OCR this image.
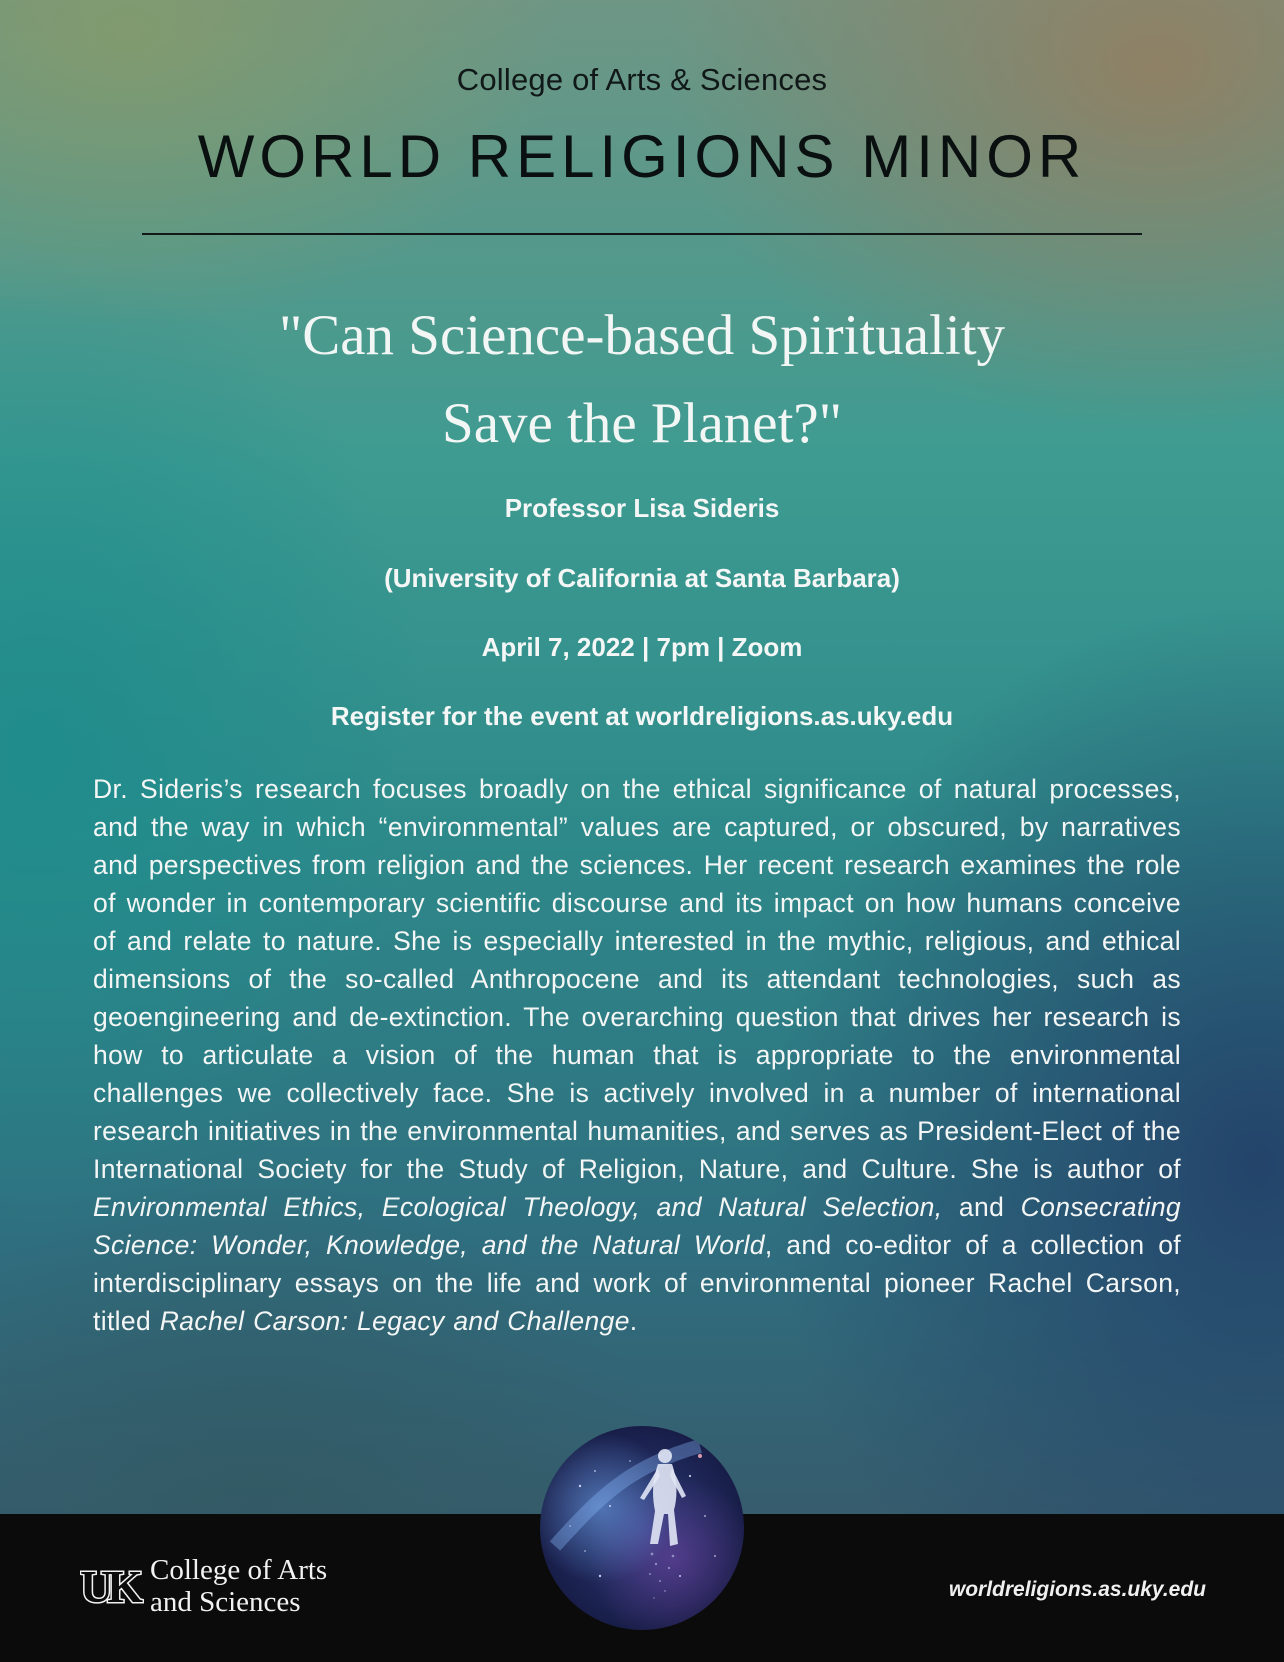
College of Arts & Sciences
WORLD RELIGIONS MINOR
"Can Science-based Spirituality
Save the Planet?"
Professor Lisa Sideris
(University of California at Santa Barbara)
April 7, 2022 | 7pm | Zoom
Register for the event at worldreligions.as.uky.edu

Dr. Sideris’s research focuses broadly on the ethical significance of natural processes, and the way in which “environmental” values are captured, or obscured, by narratives and perspectives from religion and the sciences. Her recent research examines the role of wonder in contemporary scientific discourse and its impact on how humans conceive of and relate to nature. She is especially interested in the mythic, religious, and ethical dimensions of the so-called Anthropocene and its attendant technologies, such as geoengineering and de-extinction. The overarching question that drives her research is how to articulate a vision of the human that is appropriate to the environmental challenges we collectively face. She is actively involved in a number of international research initiatives in the environmental humanities, and serves as President-Elect of the International Society for the Study of Religion, Nature, and Culture. She is author of Environmental Ethics, Ecological Theology, and Natural Selection, and Consecrating Science: Wonder, Knowledge, and the Natural World, and co-editor of a collection of interdisciplinary essays on the life and work of environmental pioneer Rachel Carson, titled Rachel Carson: Legacy and Challenge.

UK College of Arts
and Sciences	worldreligions.as.uky.edu
